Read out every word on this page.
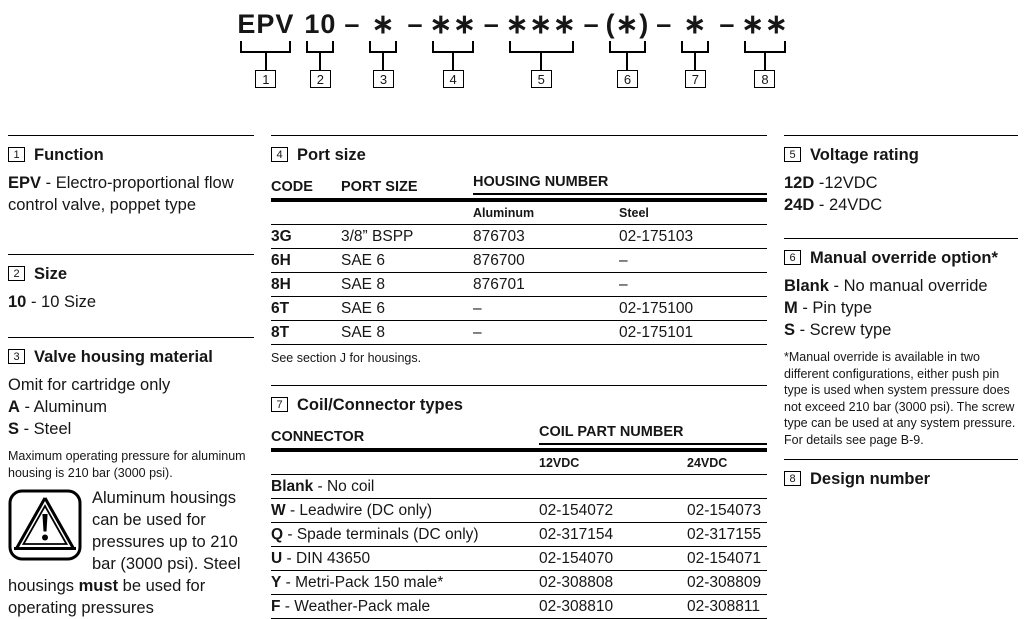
EPV
1
10
2
– ∗
3
– ∗∗
4
– ∗∗∗
5
– (∗)
6
– ∗
7
– ∗∗
8
1 Function

EPV - Electro-proportional flow control valve, poppet type

2 Size

10 - 10 Size

3 Valve housing material

Omit for cartridge only

A - Aluminum

S - Steel

Maximum operating pressure for aluminum housing is 210 bar (3000 psi).

Aluminum housings can be used for pressures up to 210 bar (3000 psi). Steel housings must be used for operating pressures

4 Port size
CODE	PORT SIZE	HOUSING NUMBER	

		Aluminum	Steel
3G	3/8” BSPP	876703	02-175103
6H	SAE 6	876700	–
8H	SAE 8	876701	–
6T	SAE 6	–	02-175100
8T	SAE 8	–	02-175101

See section J for housings.

7 Coil/Connector types
CONNECTOR	COIL PART NUMBER	

	12VDC	24VDC
Blank - No coil		
W - Leadwire (DC only)	02-154072	02-154073
Q - Spade terminals (DC only)	02-317154	02-317155
U - DIN 43650	02-154070	02-154071
Y - Metri-Pack 150 male*	02-308808	02-308809
F - Weather-Pack male	02-308810	02-308811
5 Voltage rating

12D -12VDC

24D - 24VDC

6 Manual override option*

Blank - No manual override

M - Pin type

S - Screw type

*Manual override is available in two different configurations, either push pin type is used when system pressure does not exceed 210 bar (3000 psi). The screw type can be used at any system pressure. For details see page B-9.

8 Design number
